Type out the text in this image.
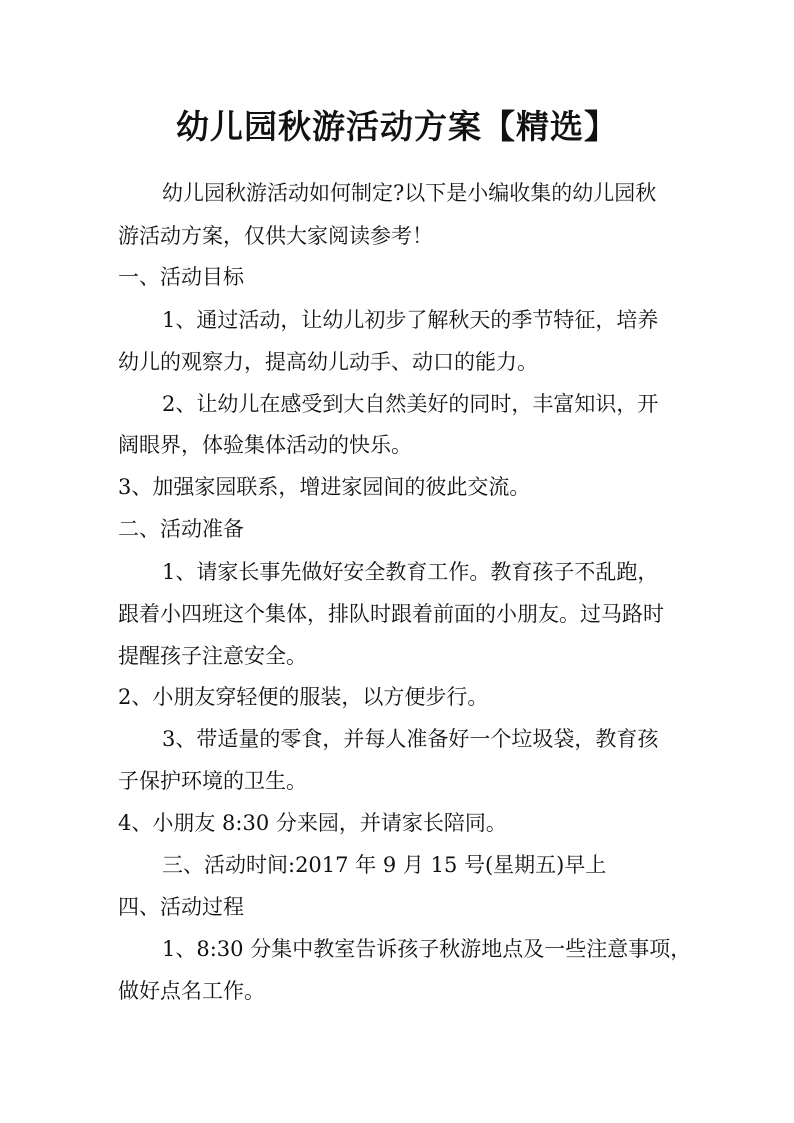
幼儿园秋游活动方案【精选】
幼儿园秋游活动如何制定?以下是小编收集的幼儿园秋
游活动方案，仅供大家阅读参考！
一、活动目标
1、通过活动，让幼儿初步了解秋天的季节特征，培养
幼儿的观察力，提高幼儿动手、动口的能力。
2、让幼儿在感受到大自然美好的同时，丰富知识，开
阔眼界，体验集体活动的快乐。
3、加强家园联系，增进家园间的彼此交流。
二、活动准备
1、请家长事先做好安全教育工作。教育孩子不乱跑，
跟着小四班这个集体，排队时跟着前面的小朋友。过马路时
提醒孩子注意安全。
2、小朋友穿轻便的服装，以方便步行。
3、带适量的零食，并每人准备好一个垃圾袋，教育孩
子保护环境的卫生。
4、小朋友 8:30 分来园，并请家长陪同。
三、活动时间:2017 年 9 月 15 号(星期五)早上
四、活动过程
1、8:30 分集中教室告诉孩子秋游地点及一些注意事项，
做好点名工作。
